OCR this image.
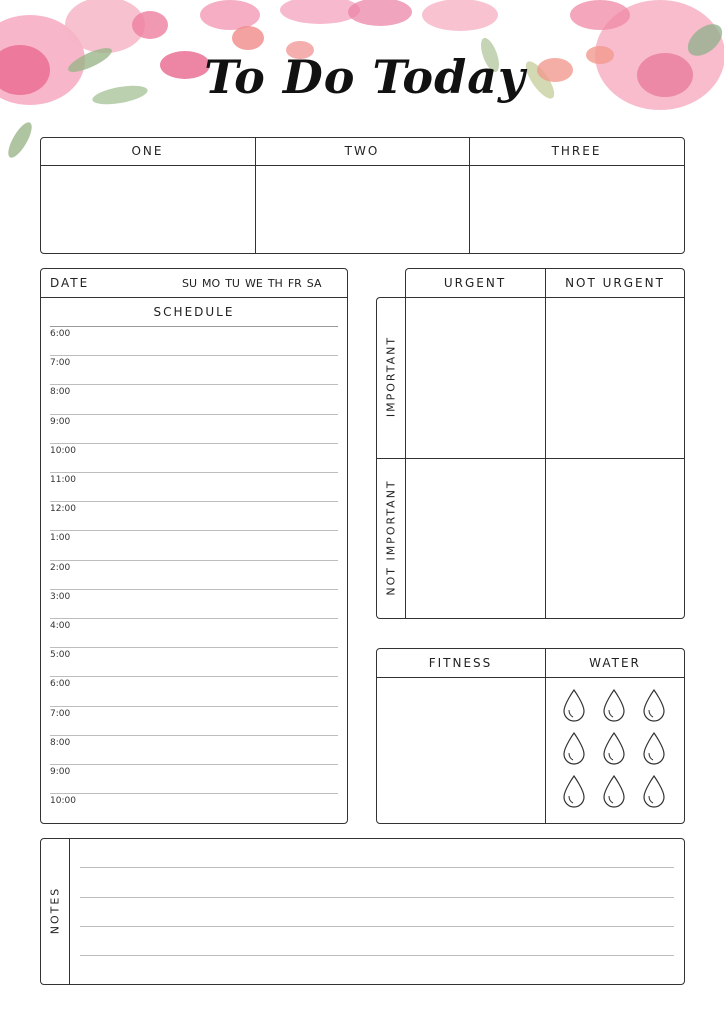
To Do Today
ONE	TWO	THREE
DATE	SU MO TU WE TH FR SA
SCHEDULE
6:00
7:00
8:00
9:00
10:00
11:00
12:00
1:00
2:00
3:00
4:00
5:00
6:00
7:00
8:00
9:00
10:00
URGENT	NOT URGENT
IMPORTANT
NOT IMPORTANT
FITNESS	WATER
NOTES
